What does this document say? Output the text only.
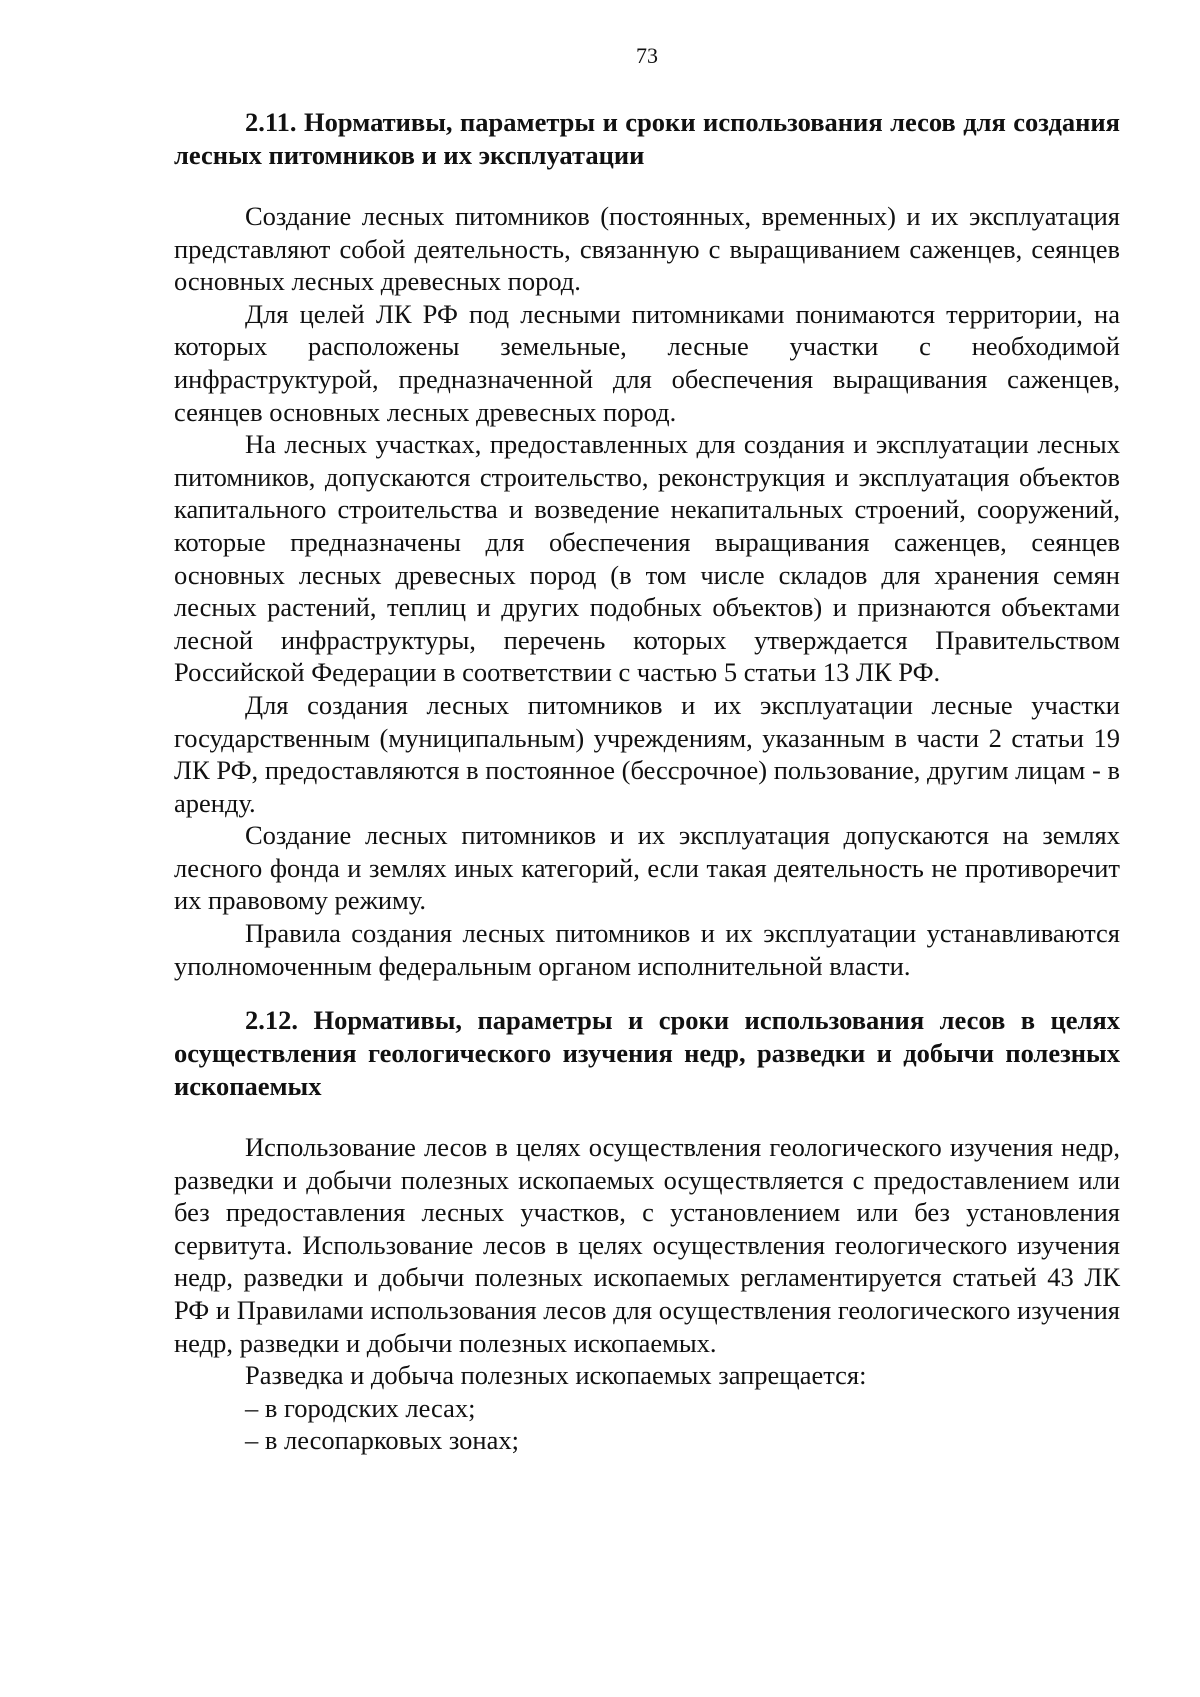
73

2.11. Нормативы, параметры и сроки использования лесов для создания лесных питомников и их эксплуатации

Создание лесных питомников (постоянных, временных) и их эксплуатация представляют собой деятельность, связанную с выращиванием саженцев, сеянцев основных лесных древесных пород.

Для целей ЛК РФ под лесными питомниками понимаются территории, на которых расположены земельные, лесные участки с необходимой инфраструктурой, предназначенной для обеспечения выращивания саженцев, сеянцев основных лесных древесных пород.

На лесных участках, предоставленных для создания и эксплуатации лесных питомников, допускаются строительство, реконструкция и эксплуатация объектов капитального строительства и возведение некапитальных строений, сооружений, которые предназначены для обеспечения выращивания саженцев, сеянцев основных лесных древесных пород (в том числе складов для хранения семян лесных растений, теплиц и других подобных объектов) и признаются объектами лесной инфраструктуры, перечень которых утверждается Правительством Российской Федерации в соответствии с частью 5 статьи 13 ЛК РФ.

Для создания лесных питомников и их эксплуатации лесные участки государственным (муниципальным) учреждениям, указанным в части 2 статьи 19 ЛК РФ, предоставляются в постоянное (бессрочное) пользование, другим лицам - в аренду.

Создание лесных питомников и их эксплуатация допускаются на землях лесного фонда и землях иных категорий, если такая деятельность не противоречит их правовому режиму.

Правила создания лесных питомников и их эксплуатации устанавливаются уполномоченным федеральным органом исполнительной власти.

2.12. Нормативы, параметры и сроки использования лесов в целях осуществления геологического изучения недр, разведки и добычи полезных ископаемых

Использование лесов в целях осуществления геологического изучения недр, разведки и добычи полезных ископаемых осуществляется с предоставлением или без предоставления лесных участков, с установлением или без установления сервитута. Использование лесов в целях осуществления геологического изучения недр, разведки и добычи полезных ископаемых регламентируется статьей 43 ЛК РФ и Правилами использования лесов для осуществления геологического изучения недр, разведки и добычи полезных ископаемых.

Разведка и добыча полезных ископаемых запрещается:

– в городских лесах;

– в лесопарковых зонах;
